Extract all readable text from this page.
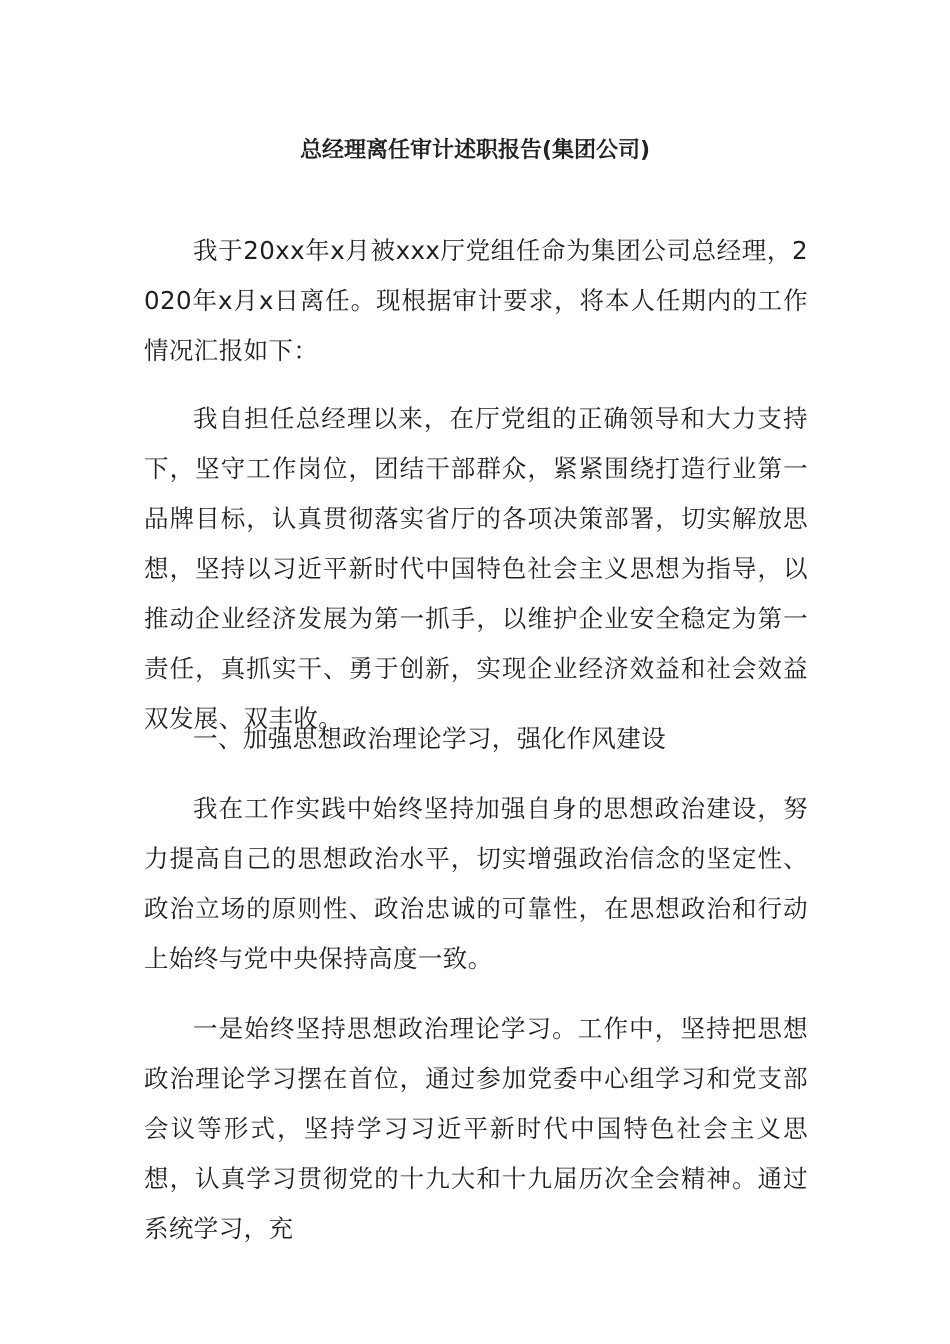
总经理离任审计述职报告(集团公司)

我于20xx年x月被xxx厅党组任命为集团公司总经理，2020年x月x日离任。现根据审计要求，将本人任期内的工作情况汇报如下：

我自担任总经理以来，在厅党组的正确领导和大力支持下，坚守工作岗位，团结干部群众，紧紧围绕打造行业第一品牌目标，认真贯彻落实省厅的各项决策部署，切实解放思想，坚持以习近平新时代中国特色社会主义思想为指导，以推动企业经济发展为第一抓手，以维护企业安全稳定为第一责任，真抓实干、勇于创新，实现企业经济效益和社会效益双发展、双丰收。

一、加强思想政治理论学习，强化作风建设

我在工作实践中始终坚持加强自身的思想政治建设，努力提高自己的思想政治水平，切实增强政治信念的坚定性、政治立场的原则性、政治忠诚的可靠性，在思想政治和行动上始终与党中央保持高度一致。

一是始终坚持思想政治理论学习。工作中，坚持把思想政治理论学习摆在首位，通过参加党委中心组学习和党支部会议等形式，坚持学习习近平新时代中国特色社会主义思想，认真学习贯彻党的十九大和十九届历次全会精神。通过系统学习，充
